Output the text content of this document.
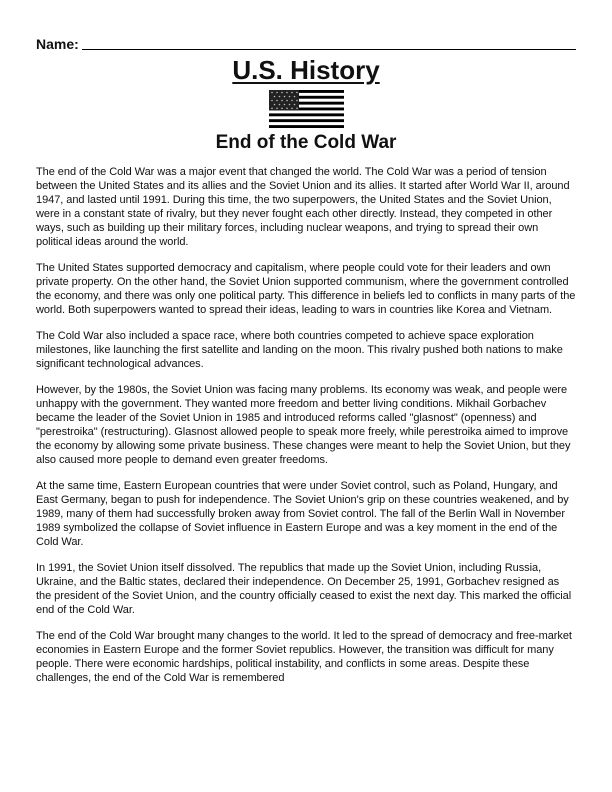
Name:
U.S. History
End of the Cold War

The end of the Cold War was a major event that changed the world. The Cold War was a period of tension between the United States and its allies and the Soviet Union and its allies. It started after World War II, around 1947, and lasted until 1991. During this time, the two superpowers, the United States and the Soviet Union, were in a constant state of rivalry, but they never fought each other directly. Instead, they competed in other ways, such as building up their military forces, including nuclear weapons, and trying to spread their own political ideas around the world.

The United States supported democracy and capitalism, where people could vote for their leaders and own private property. On the other hand, the Soviet Union supported communism, where the government controlled the economy, and there was only one political party. This difference in beliefs led to conflicts in many parts of the world. Both superpowers wanted to spread their ideas, leading to wars in countries like Korea and Vietnam.

The Cold War also included a space race, where both countries competed to achieve space exploration milestones, like launching the first satellite and landing on the moon. This rivalry pushed both nations to make significant technological advances.

However, by the 1980s, the Soviet Union was facing many problems. Its economy was weak, and people were unhappy with the government. They wanted more freedom and better living conditions. Mikhail Gorbachev became the leader of the Soviet Union in 1985 and introduced reforms called "glasnost" (openness) and "perestroika" (restructuring). Glasnost allowed people to speak more freely, while perestroika aimed to improve the economy by allowing some private business. These changes were meant to help the Soviet Union, but they also caused more people to demand even greater freedoms.

At the same time, Eastern European countries that were under Soviet control, such as Poland, Hungary, and East Germany, began to push for independence. The Soviet Union's grip on these countries weakened, and by 1989, many of them had successfully broken away from Soviet control. The fall of the Berlin Wall in November 1989 symbolized the collapse of Soviet influence in Eastern Europe and was a key moment in the end of the Cold War.

In 1991, the Soviet Union itself dissolved. The republics that made up the Soviet Union, including Russia, Ukraine, and the Baltic states, declared their independence. On December 25, 1991, Gorbachev resigned as the president of the Soviet Union, and the country officially ceased to exist the next day. This marked the official end of the Cold War.

The end of the Cold War brought many changes to the world. It led to the spread of democracy and free-market economies in Eastern Europe and the former Soviet republics. However, the transition was difficult for many people. There were economic hardships, political instability, and conflicts in some areas. Despite these challenges, the end of the Cold War is remembered
